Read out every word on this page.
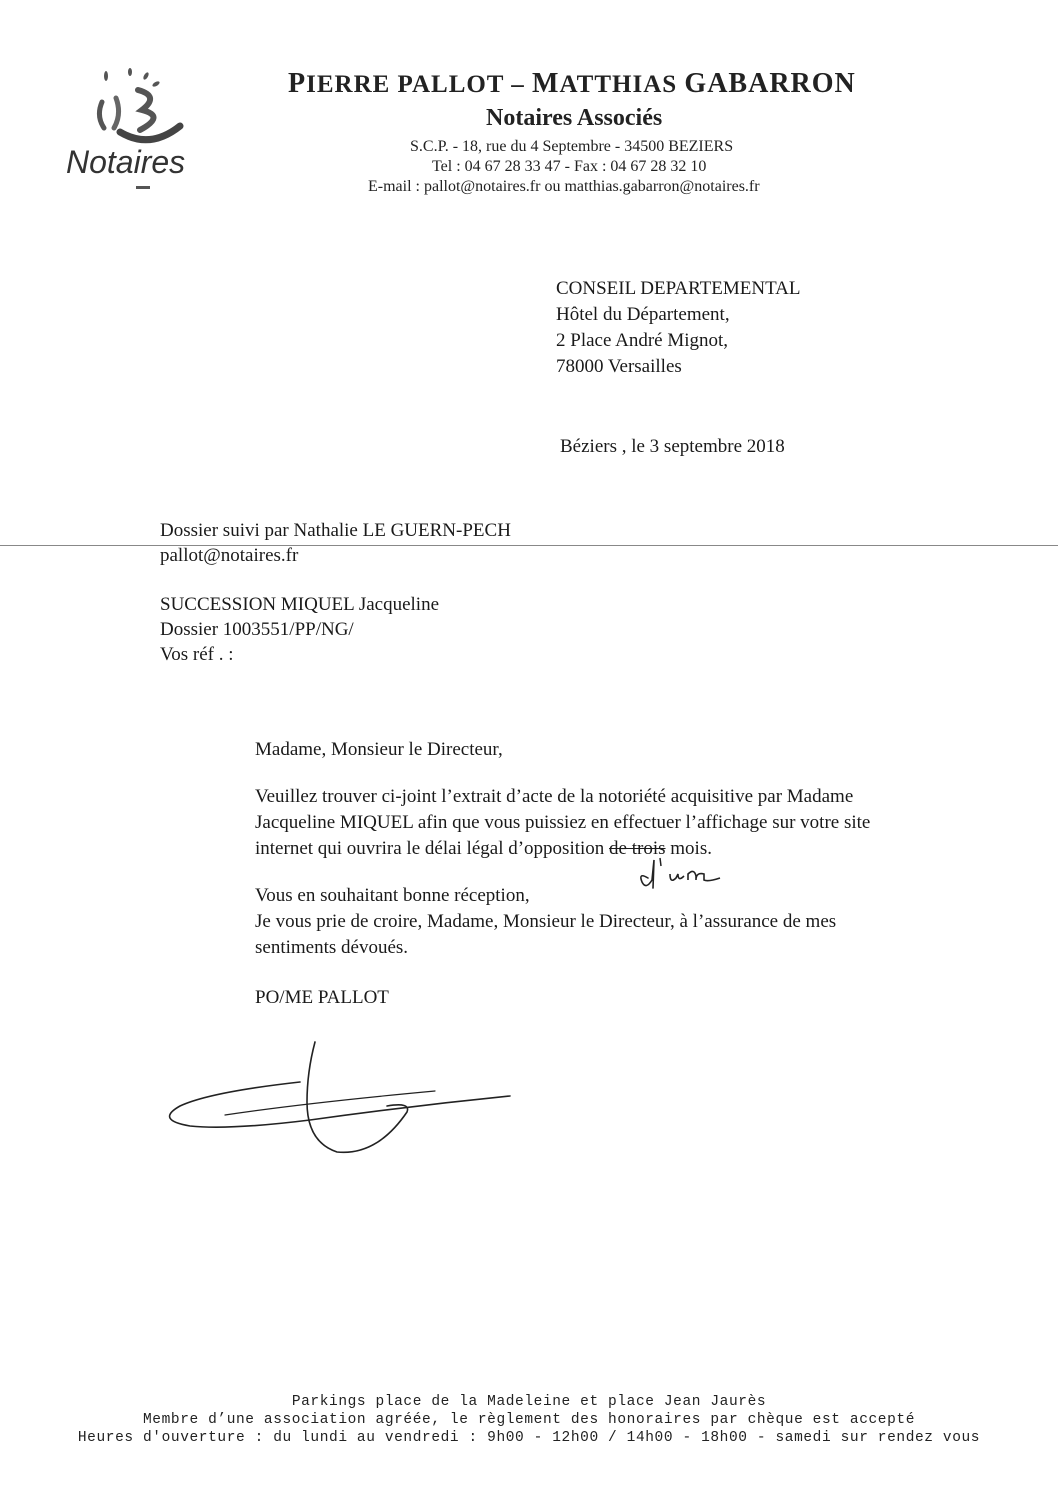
Notaires
PIERRE PALLOT – MATTHIAS GABARRON
Notaires Associés
S.C.P. - 18, rue du 4 Septembre - 34500 BEZIERS
Tel : 04 67 28 33 47 - Fax : 04 67 28 32 10
E-mail : pallot@notaires.fr ou matthias.gabarron@notaires.fr
CONSEIL DEPARTEMENTAL
Hôtel du Département,
2 Place André Mignot,
78000 Versailles
Béziers , le 3 septembre 2018
Dossier suivi par Nathalie LE GUERN-PECH
pallot@notaires.fr
SUCCESSION MIQUEL Jacqueline
Dossier 1003551/PP/NG/
Vos réf . :
Madame, Monsieur le Directeur,
Veuillez trouver ci-joint l’extrait d’acte de la notoriété acquisitive par Madame
Jacqueline MIQUEL afin que vous puissiez en effectuer l’affichage sur votre site
internet qui ouvrira le délai légal d’opposition de trois mois.
Vous en souhaitant bonne réception,
Je vous prie de croire, Madame, Monsieur le Directeur, à l’assurance de mes
sentiments dévoués.
PO/ME PALLOT
Parkings place de la Madeleine et place Jean Jaurès
Membre d’une association agréée, le règlement des honoraires par chèque est accepté
Heures d'ouverture : du lundi au vendredi : 9h00 - 12h00 / 14h00 - 18h00 - samedi sur rendez vous
